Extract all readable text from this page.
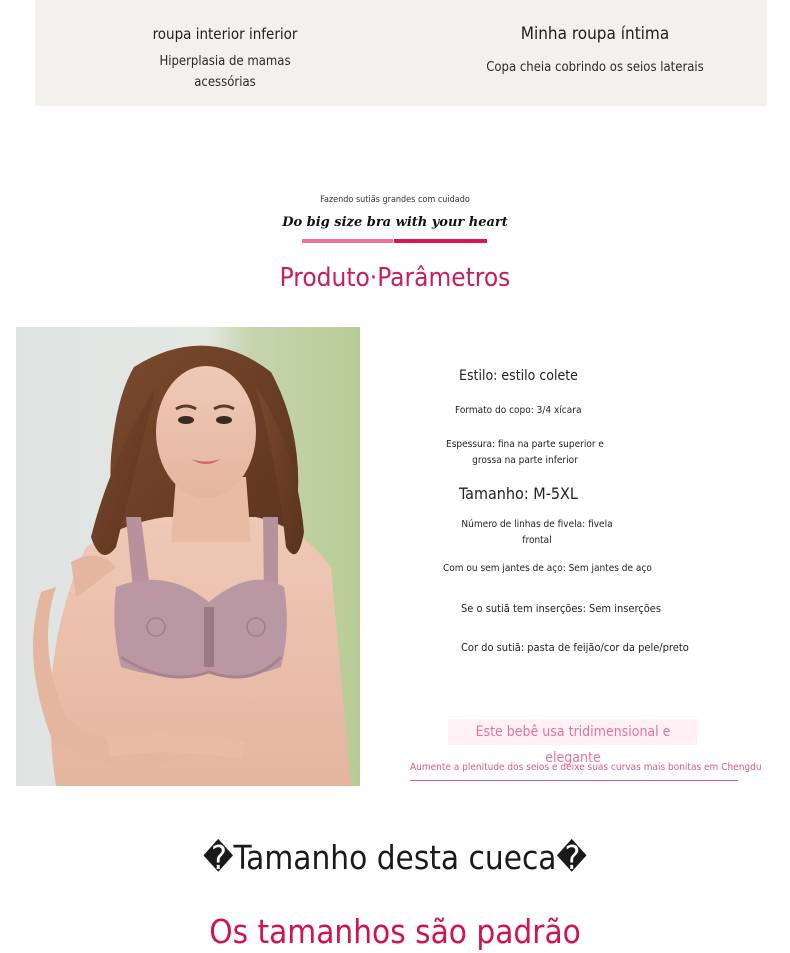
roupa interior inferior
Hiperplasia de mamas
acessórias
Minha roupa íntima
Copa cheia cobrindo os seios laterais
Fazendo sutiãs grandes com cuidado
Do big size bra with your heart
Produto·Parâmetros
Estilo: estilo colete
Formato do copo: 3/4 xícara
Espessura: fina na parte superior e
grossa na parte inferior
Tamanho: M-5XL
Número de linhas de fivela: fivela
frontal
Com ou sem jantes de aço: Sem jantes de aço
Se o sutiã tem inserções: Sem inserções
Cor do sutiã: pasta de feijão/cor da pele/preto
Este bebê usa tridimensional e elegante
Aumente a plenitude dos seios e deixe suas curvas mais bonitas em Chengdu
�Tamanho desta cueca�
Os tamanhos são padrão
